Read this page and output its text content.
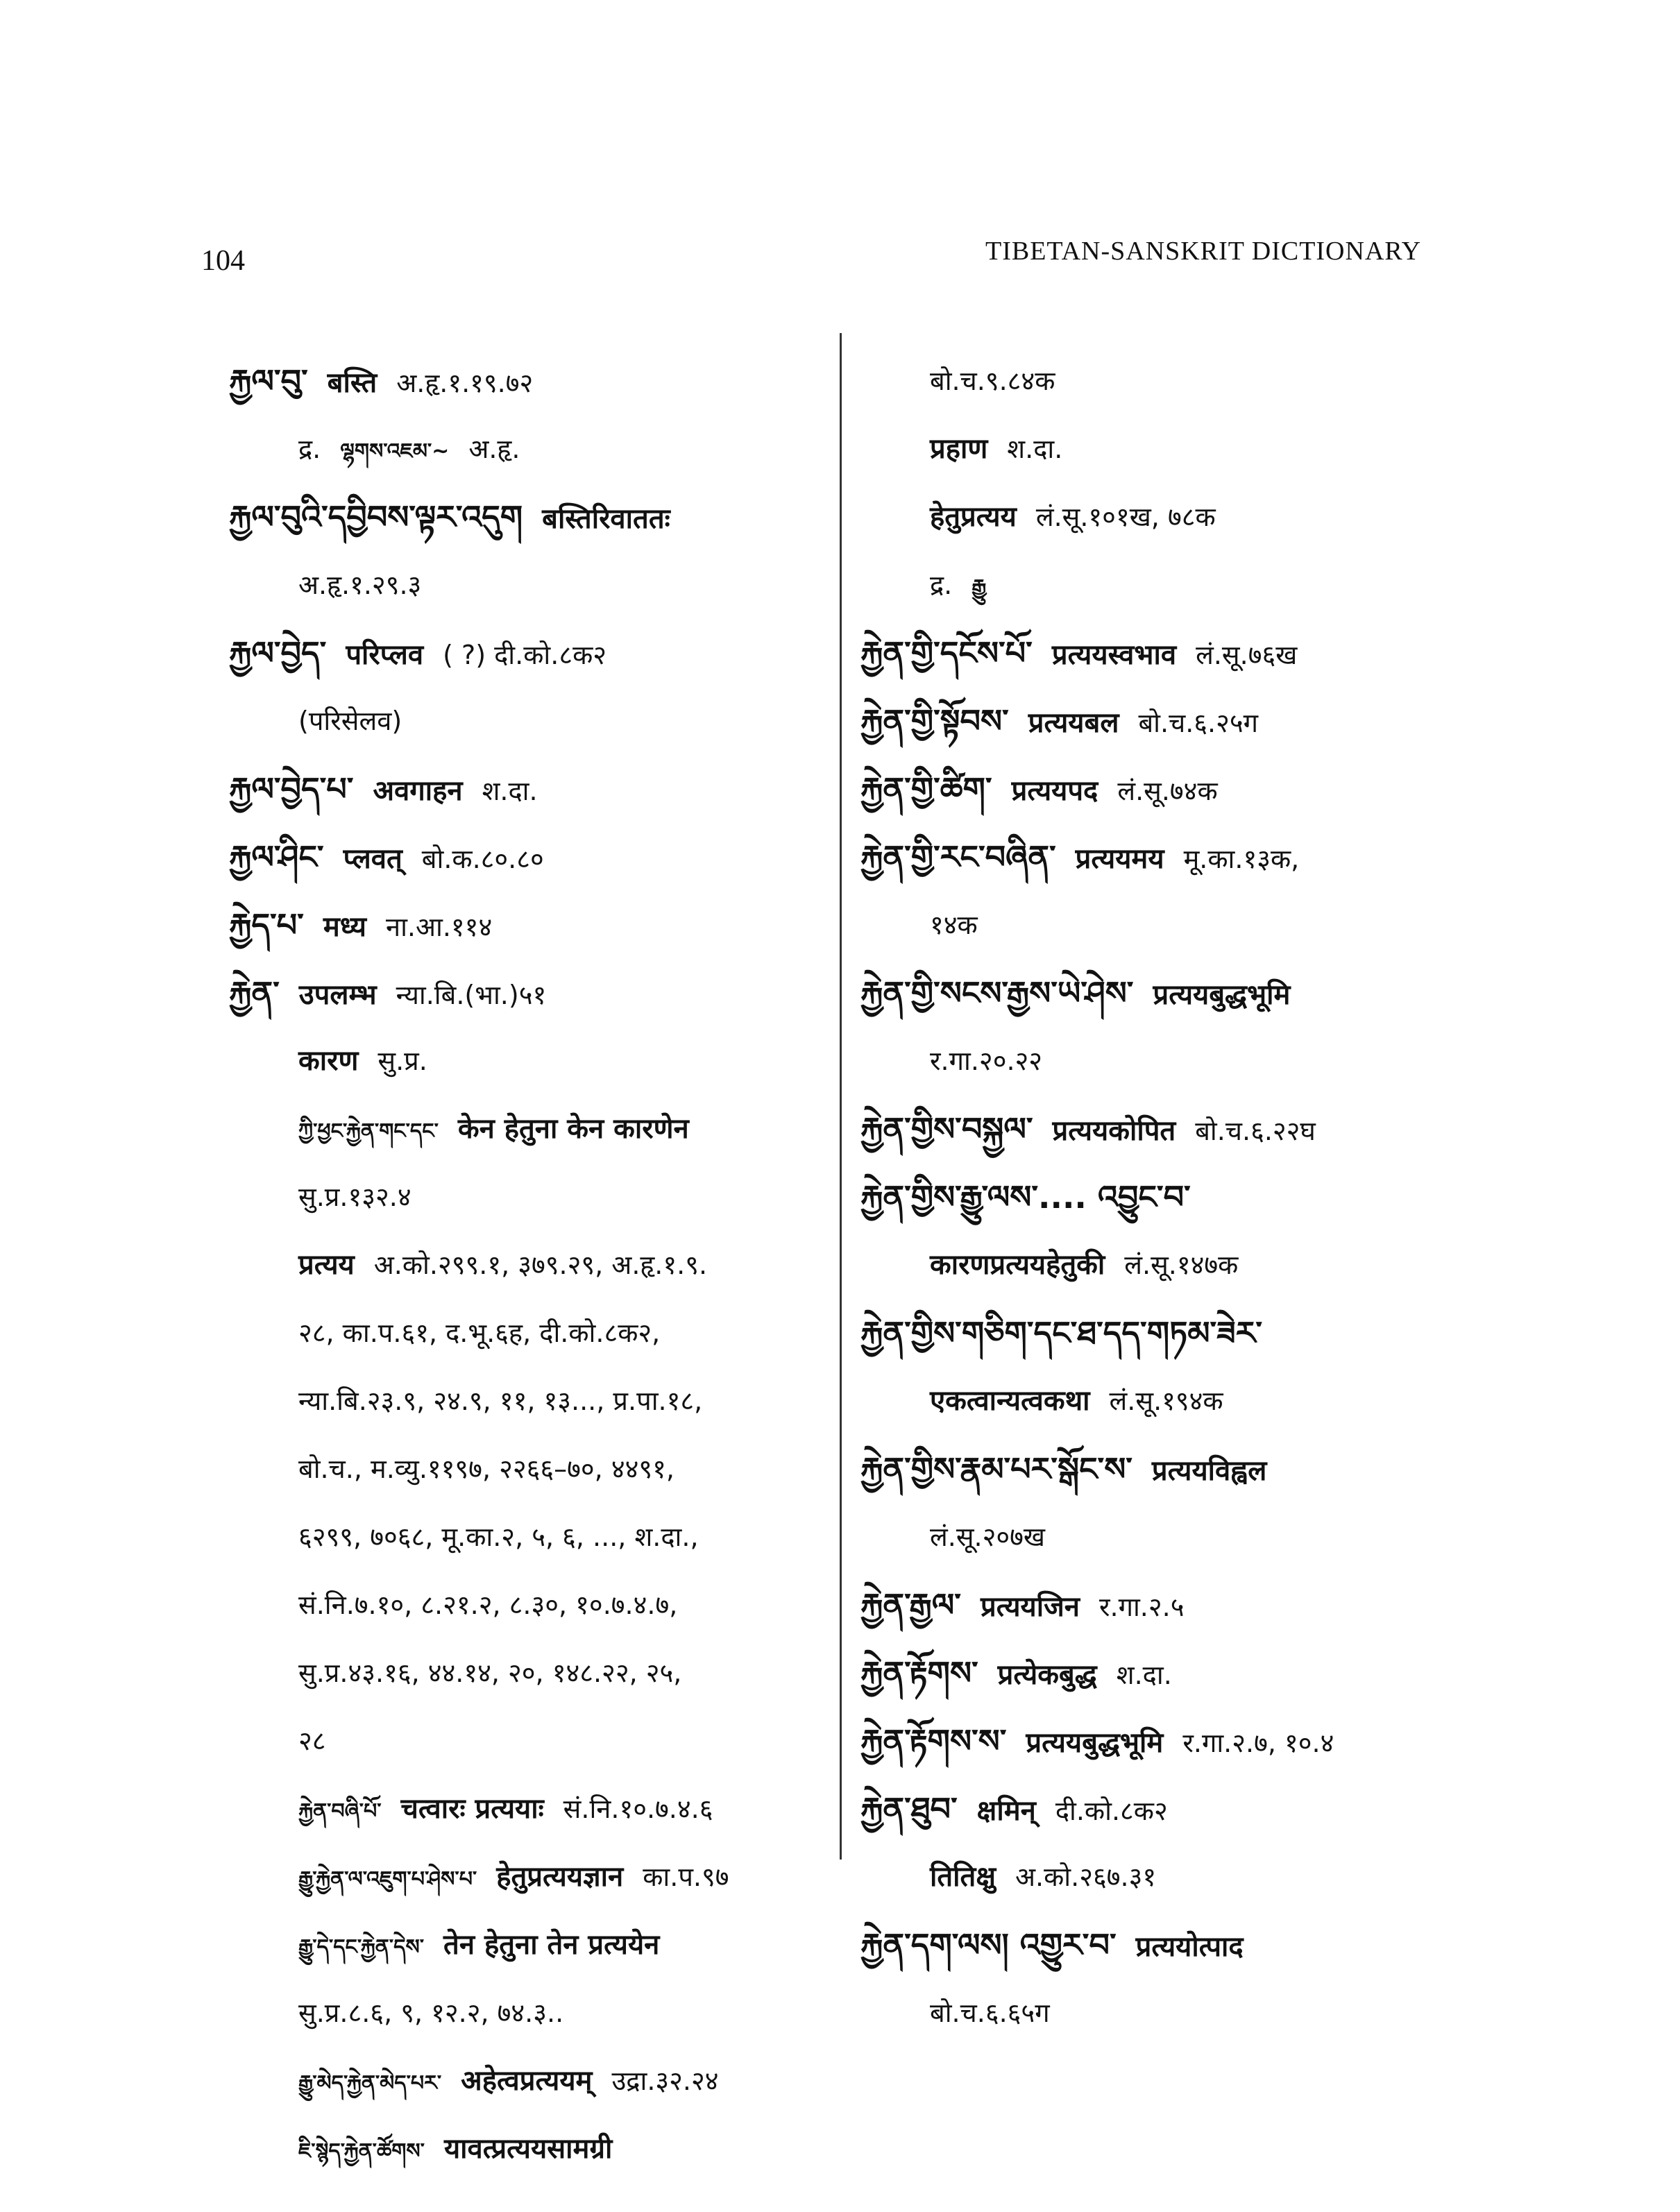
104	TIBETAN-SANSKRIT DICTIONARY
རྐྱལ་བུ་ बस्ति अ.हृ.१.१९.७२
द्र. ལྷགས་འཇམ་~ अ.हृ.
རྐྱལ་བུའི་དབྱིབས་ལྟར་འདུག बस्तिरिवाततः
अ.हृ.१.२९.३
རྐྱལ་བྱེད་ परिप्लव ( ?) दी.को.८क२
(परिसेलव)
རྐྱལ་བྱེད་པ་ अवगाहन श.दा.
རྐྱལ་ཤིང་ प्लवत् बो.क.८०.८०
རྐྱེད་པ་ मध्य ना.आ.११४
རྐྱེན་ उपलम्भ न्या.बि.(भा.)५१
कारण सु.प्र.
ཀྱི་ཕྱང་རྐྱེན་གང་དང་ केन हेतुना केन कारणेन
सु.प्र.१३२.४
प्रत्यय अ.को.२९९.१, ३७९.२९, अ.हृ.१.९.
२८, का.प.६१, द.भू.६ह, दी.को.८क२,
न्या.बि.२३.९, २४.९, ११, १३..., प्र.पा.१८,
बो.च., म.व्यु.११९७, २२६६–७०, ४४९१,
६२९९, ७०६८, मू.का.२, ५, ६, ..., श.दा.,
सं.नि.७.१०, ८.२१.२, ८.३०, १०.७.४.७,
सु.प्र.४३.१६, ४४.१४, २०, १४८.२२, २५,
२८
རྐྱེན་བཞི་པོ་ चत्वारः प्रत्ययाः सं.नि.१०.७.४.६
རྒྱུ་རྐྱེན་ལ་འཇུག་པ་ཤེས་པ་ हेतुप्रत्ययज्ञान का.प.९७
རྒྱུ་དེ་དང་རྐྱེན་དེས་ तेन हेतुना तेन प्रत्ययेन
सु.प्र.८.६, ९, १२.२, ७४.३..
རྒྱུ་མེད་རྐྱེན་མེད་པར་ अहेत्वप्रत्ययम् उद्रा.३२.२४
ཇི་སྙེད་རྐྱེན་ཚོགས་ यावत्प्रत्ययसामग्री
बो.च.९.८४क
प्रहाण श.दा.
हेतुप्रत्यय लं.सू.१०१ख, ७८क
द्र. རྒྱུ
རྐྱེན་གྱི་དངོས་པོ་ प्रत्ययस्वभाव लं.सू.७६ख
རྐྱེན་གྱི་སྟོབས་ प्रत्ययबल बो.च.६.२५ग
རྐྱེན་གྱི་ཚིག་ प्रत्ययपद लं.सू.७४क
རྐྱེན་གྱི་རང་བཞིན་ प्रत्ययमय मू.का.१३क,
१४क
རྐྱེན་གྱི་སངས་རྒྱས་ཡེ་ཤེས་ प्रत्ययबुद्धभूमि
र.गा.२०.२२
རྐྱེན་གྱིས་བསྐྱལ་ प्रत्ययकोपित बो.च.६.२२घ
རྐྱེན་གྱིས་རྒྱུ་ལས་.... འབྱུང་བ་
कारणप्रत्ययहेतुकी लं.सू.१४७क
རྐྱེན་གྱིས་གཅིག་དང་ཐ་དད་གཏམ་ཟེར་
एकत्वान्यत्वकथा लं.सू.१९४क
རྐྱེན་གྱིས་རྣམ་པར་སྒོང་ས་ प्रत्ययविह्वल
लं.सू.२०७ख
རྐྱེན་རྒྱལ་ प्रत्ययजिन र.गा.२.५
རྐྱེན་རྟོགས་ प्रत्येकबुद्ध श.दा.
རྐྱེན་རྟོགས་ས་ प्रत्ययबुद्धभूमि र.गा.२.७, १०.४
རྐྱེན་ཐུབ་ क्षमिन् दी.को.८क२
तितिक्षु अ.को.२६७.३१
རྐྱེན་དག་ལས། འགྱུར་བ་ प्रत्ययोत्पाद
बो.च.६.६५ग
